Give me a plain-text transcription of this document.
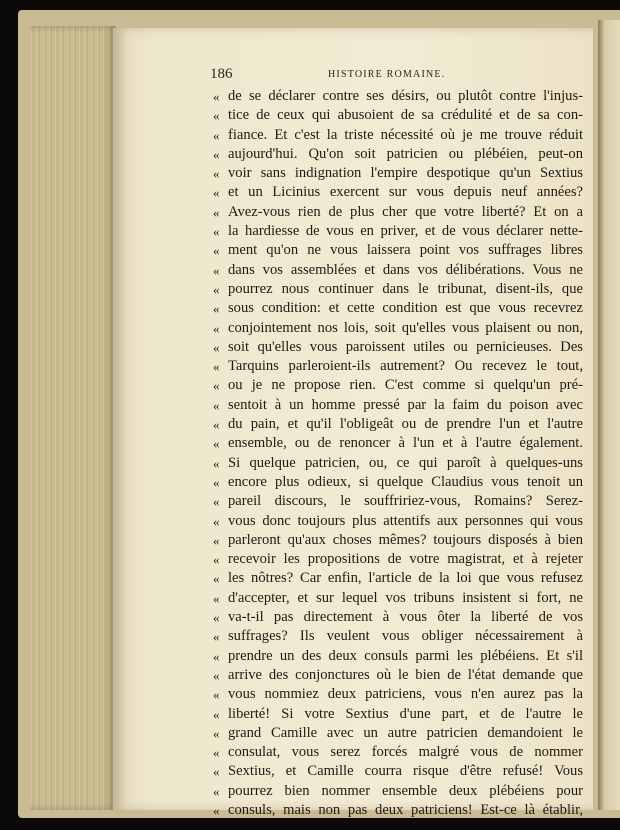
186	HISTOIRE ROMAINE.
« de se déclarer contre ses désirs, ou plutôt contre l'injus-
« tice de ceux qui abusoient de sa crédulité et de sa con-
« fiance. Et c'est la triste nécessité où je me trouve réduit
« aujourd'hui. Qu'on soit patricien ou plébéien, peut-on
« voir sans indignation l'empire despotique qu'un Sextius
« et un Licinius exercent sur vous depuis neuf années?
« Avez-vous rien de plus cher que votre liberté? Et on a
« la hardiesse de vous en priver, et de vous déclarer nette-
« ment qu'on ne vous laissera point vos suffrages libres
« dans vos assemblées et dans vos délibérations. Vous ne
« pourrez nous continuer dans le tribunat, disent-ils, que
« sous condition: et cette condition est que vous recevrez
« conjointement nos lois, soit qu'elles vous plaisent ou non,
« soit qu'elles vous paroissent utiles ou pernicieuses. Des
« Tarquins parleroient-ils autrement? Ou recevez le tout,
« ou je ne propose rien. C'est comme si quelqu'un pré-
« sentoit à un homme pressé par la faim du poison avec
« du pain, et qu'il l'obligeât ou de prendre l'un et l'autre
« ensemble, ou de renoncer à l'un et à l'autre également.
« Si quelque patricien, ou, ce qui paroît à quelques-uns
« encore plus odieux, si quelque Claudius vous tenoit un
« pareil discours, le souffririez-vous, Romains? Serez-
« vous donc toujours plus attentifs aux personnes qui vous
« parleront qu'aux choses mêmes? toujours disposés à bien
« recevoir les propositions de votre magistrat, et à rejeter
« les nôtres? Car enfin, l'article de la loi que vous refusez
« d'accepter, et sur lequel vos tribuns insistent si fort, ne
« va-t-il pas directement à vous ôter la liberté de vos
« suffrages? Ils veulent vous obliger nécessairement à
« prendre un des deux consuls parmi les plébéiens. Et s'il
« arrive des conjonctures où le bien de l'état demande que
« vous nommiez deux patriciens, vous n'en aurez pas la
« liberté! Si votre Sextius d'une part, et de l'autre le
« grand Camille avec un autre patricien demandoient le
« consulat, vous serez forcés malgré vous de nommer
« Sextius, et Camille courra risque d'être refusé! Vous
« pourrez bien nommer ensemble deux plébéiens pour
« consuls, mais non pas deux patriciens! Est-ce là établir,
